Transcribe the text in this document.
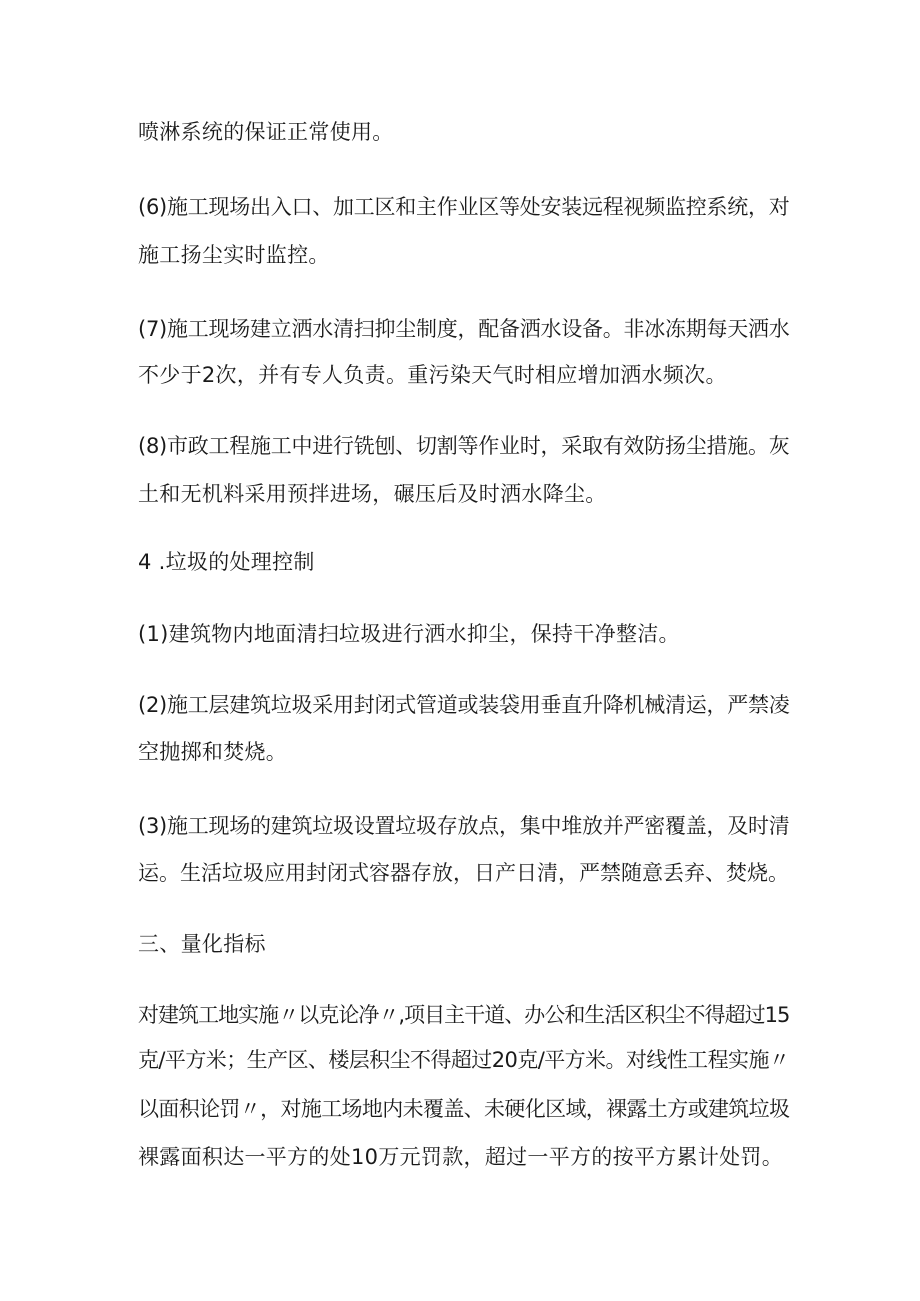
喷淋系统的保证正常使用。

(6)施工现场出入口、加工区和主作业区等处安装远程视频监控系统，对

施工扬尘实时监控。

(7)施工现场建立洒水清扫抑尘制度，配备洒水设备。非冰冻期每天洒水

不少于2次，并有专人负责。重污染天气时相应增加洒水频次。

(8)市政工程施工中进行铣刨、切割等作业时，采取有效防扬尘措施。灰

土和无机料采用预拌进场，碾压后及时洒水降尘。

4 .垃圾的处理控制

(1)建筑物内地面清扫垃圾进行洒水抑尘，保持干净整洁。

(2)施工层建筑垃圾采用封闭式管道或装袋用垂直升降机械清运，严禁凌

空抛掷和焚烧。

(3)施工现场的建筑垃圾设置垃圾存放点，集中堆放并严密覆盖，及时清

运。生活垃圾应用封闭式容器存放，日产日清，严禁随意丢弃、焚烧。

三、量化指标

对建筑工地实施〃以克论净〃,项目主干道、办公和生活区积尘不得超过15

克/平方米；生产区、楼层积尘不得超过20克/平方米。对线性工程实施〃

以面积论罚〃，对施工场地内未覆盖、未硬化区域，裸露土方或建筑垃圾

裸露面积达一平方的处10万元罚款，超过一平方的按平方累计处罚。
